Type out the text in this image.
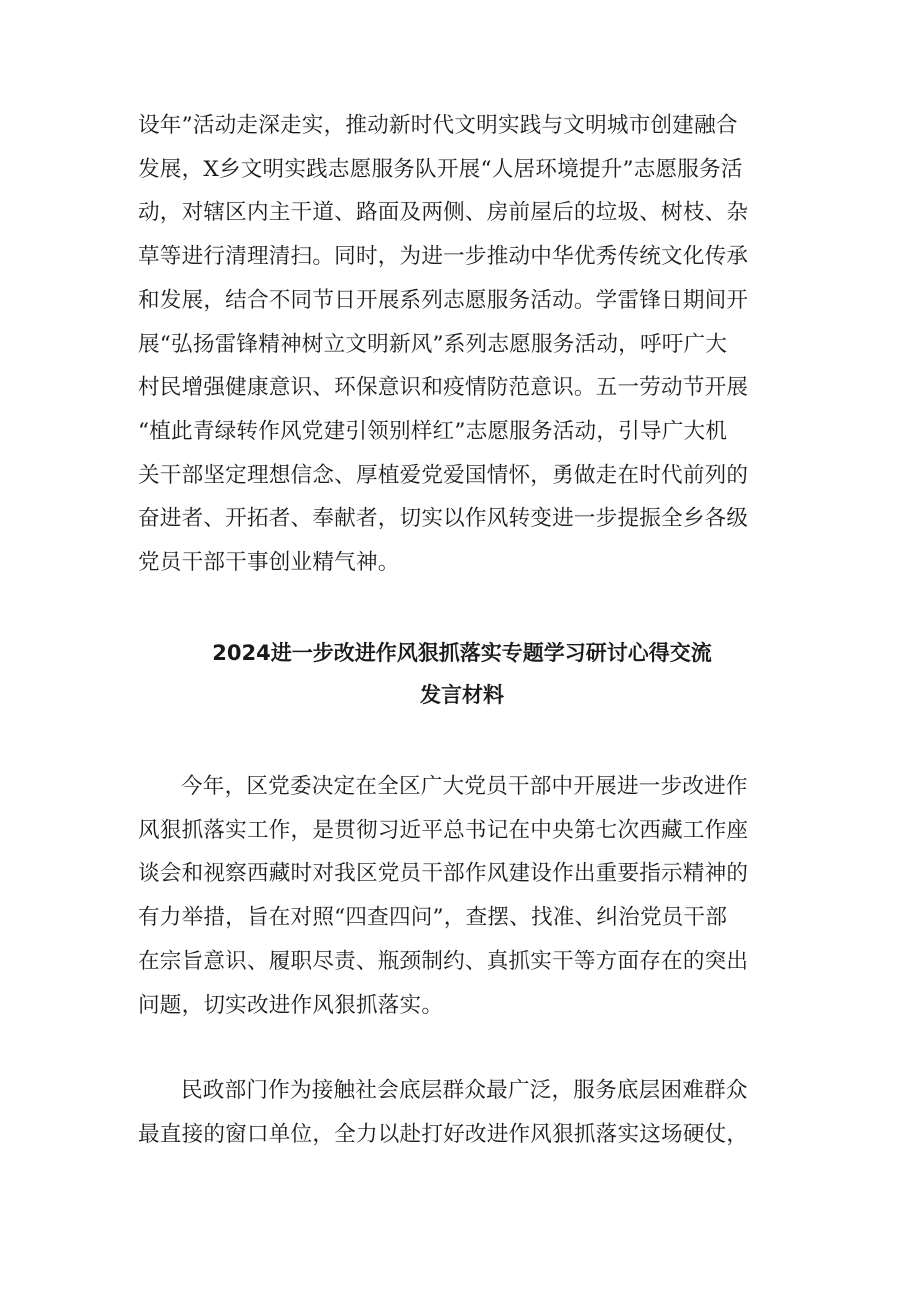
设年”活动走深走实，推动新时代文明实践与文明城市创建融合
发展，X乡文明实践志愿服务队开展“人居环境提升”志愿服务活
动，对辖区内主干道、路面及两侧、房前屋后的垃圾、树枝、杂
草等进行清理清扫。同时，为进一步推动中华优秀传统文化传承
和发展，结合不同节日开展系列志愿服务活动。学雷锋日期间开
展“弘扬雷锋精神树立文明新风”系列志愿服务活动，呼吁广大
村民增强健康意识、环保意识和疫情防范意识。五一劳动节开展
“植此青绿转作风党建引领别样红”志愿服务活动，引导广大机
关干部坚定理想信念、厚植爱党爱国情怀，勇做走在时代前列的
奋进者、开拓者、奉献者，切实以作风转变进一步提振全乡各级
党员干部干事创业精气神。

2024进一步改进作风狠抓落实专题学习研讨心得交流
发言材料

今年，区党委决定在全区广大党员干部中开展进一步改进作
风狠抓落实工作，是贯彻习近平总书记在中央第七次西藏工作座
谈会和视察西藏时对我区党员干部作风建设作出重要指示精神的
有力举措，旨在对照“四查四问”，查摆、找准、纠治党员干部
在宗旨意识、履职尽责、瓶颈制约、真抓实干等方面存在的突出
问题，切实改进作风狠抓落实。

民政部门作为接触社会底层群众最广泛，服务底层困难群众
最直接的窗口单位，全力以赴打好改进作风狠抓落实这场硬仗，
